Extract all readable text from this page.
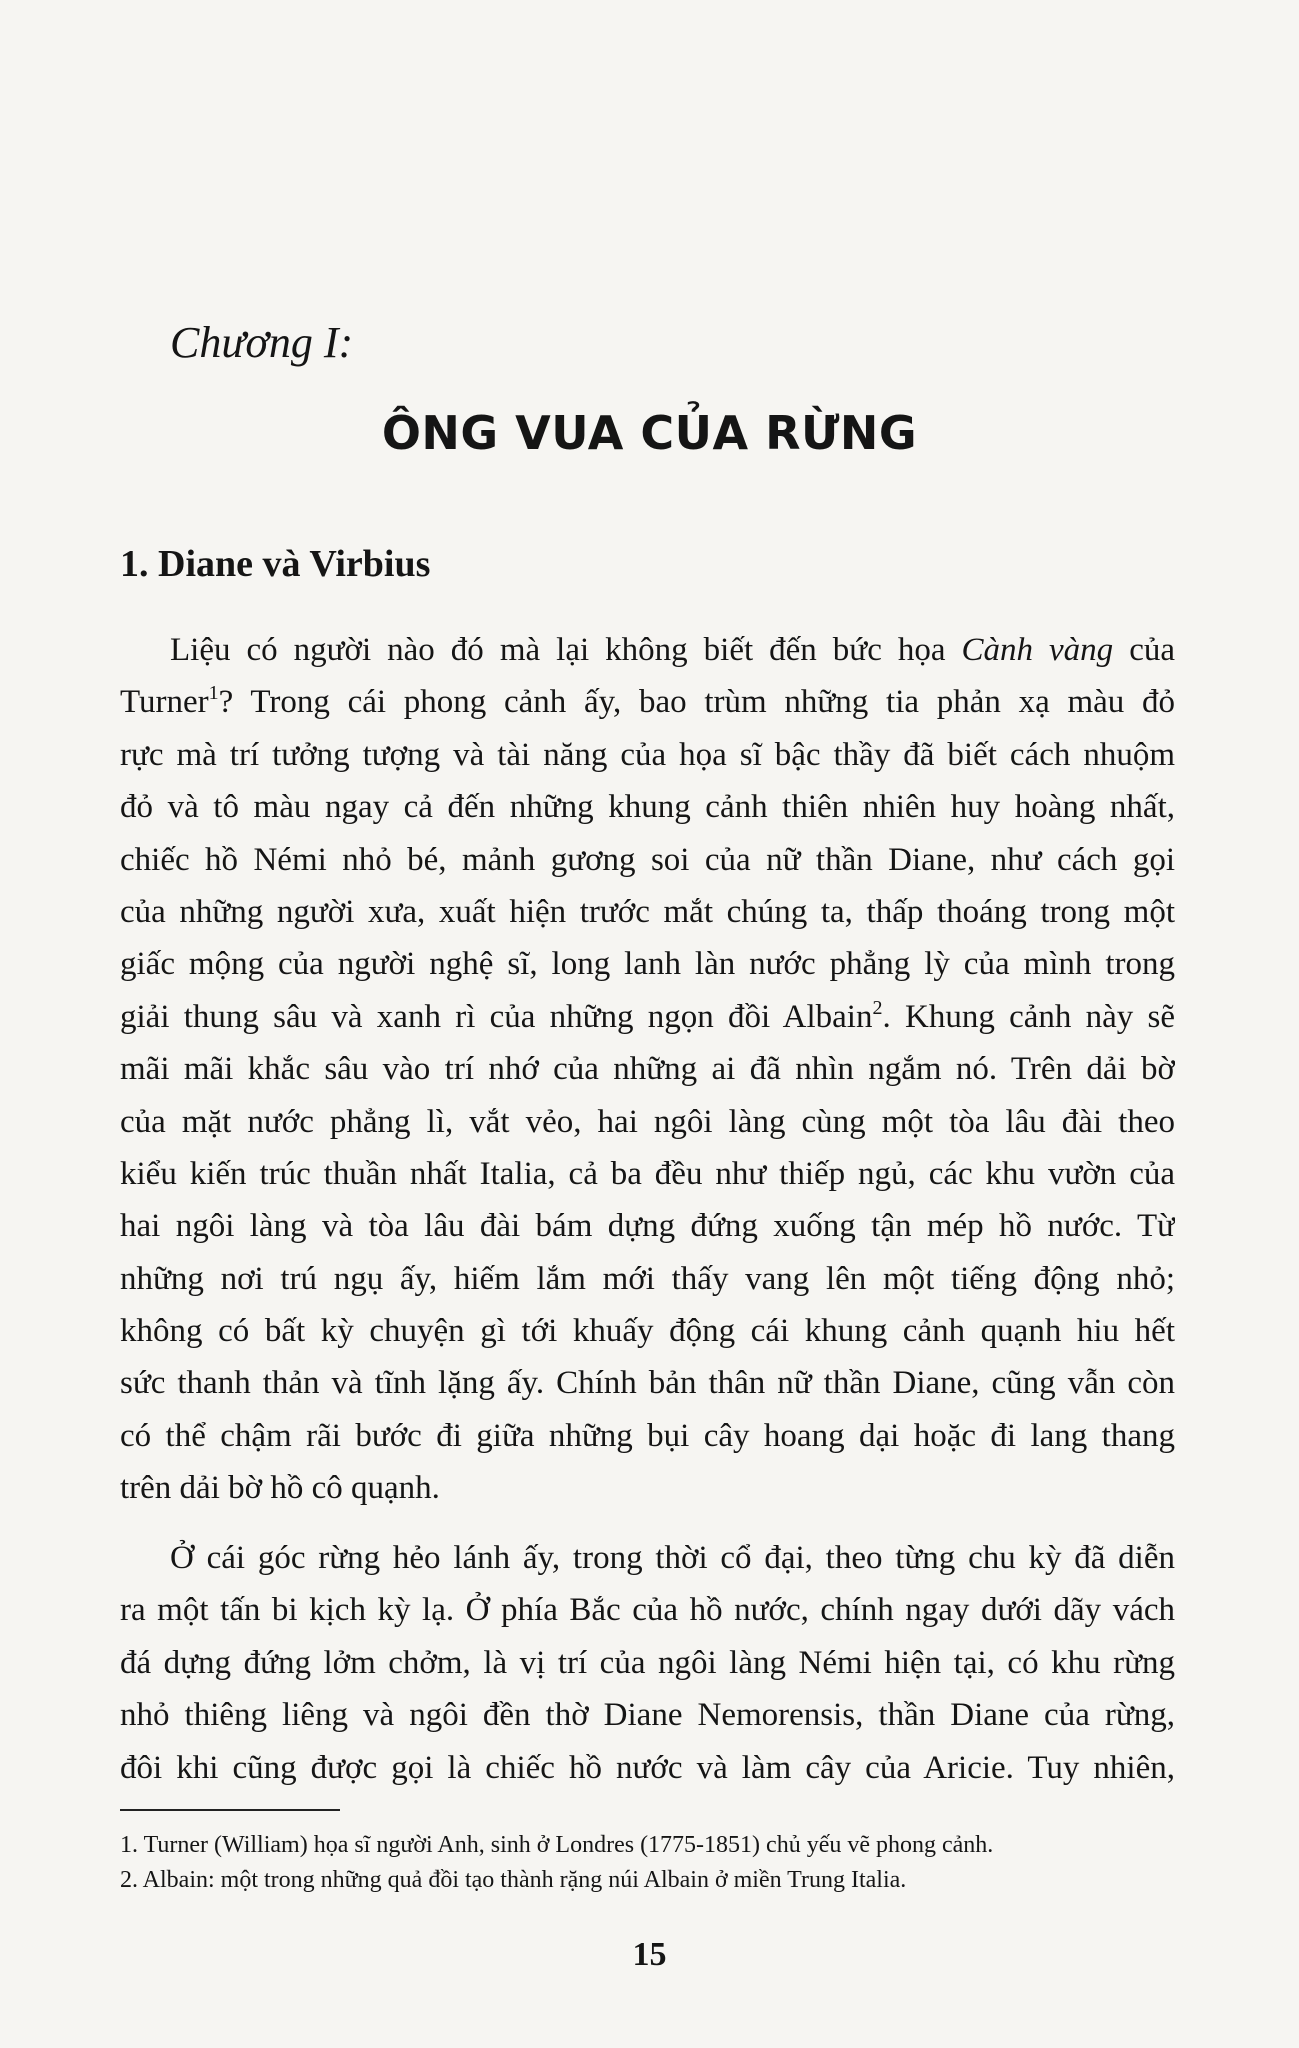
Chương I:
ÔNG VUA CỦA RỪNG
1. Diane và Virbius
Liệu có người nào đó mà lại không biết đến bức họa Cành vàng của
Turner$^1$? Trong cái phong cảnh ấy, bao trùm những tia phản xạ màu đỏ
rực mà trí tưởng tượng và tài năng của họa sĩ bậc thầy đã biết cách nhuộm
đỏ và tô màu ngay cả đến những khung cảnh thiên nhiên huy hoàng nhất,
chiếc hồ Némi nhỏ bé, mảnh gương soi của nữ thần Diane, như cách gọi
của những người xưa, xuất hiện trước mắt chúng ta, thấp thoáng trong một
giấc mộng của người nghệ sĩ, long lanh làn nước phẳng lỳ của mình trong
giải thung sâu và xanh rì của những ngọn đồi Albain$^2$. Khung cảnh này sẽ
mãi mãi khắc sâu vào trí nhớ của những ai đã nhìn ngắm nó. Trên dải bờ
của mặt nước phẳng lì, vắt vẻo, hai ngôi làng cùng một tòa lâu đài theo
kiểu kiến trúc thuần nhất Italia, cả ba đều như thiếp ngủ, các khu vườn của
hai ngôi làng và tòa lâu đài bám dựng đứng xuống tận mép hồ nước. Từ
những nơi trú ngụ ấy, hiếm lắm mới thấy vang lên một tiếng động nhỏ;
không có bất kỳ chuyện gì tới khuấy động cái khung cảnh quạnh hiu hết
sức thanh thản và tĩnh lặng ấy. Chính bản thân nữ thần Diane, cũng vẫn còn
có thể chậm rãi bước đi giữa những bụi cây hoang dại hoặc đi lang thang
trên dải bờ hồ cô quạnh.
Ở cái góc rừng hẻo lánh ấy, trong thời cổ đại, theo từng chu kỳ đã diễn
ra một tấn bi kịch kỳ lạ. Ở phía Bắc của hồ nước, chính ngay dưới dãy vách
đá dựng đứng lởm chởm, là vị trí của ngôi làng Némi hiện tại, có khu rừng
nhỏ thiêng liêng và ngôi đền thờ Diane Nemorensis, thần Diane của rừng,
đôi khi cũng được gọi là chiếc hồ nước và làm cây của Aricie. Tuy nhiên,
1. Turner (William) họa sĩ người Anh, sinh ở Londres (1775-1851) chủ yếu vẽ phong cảnh.
2. Albain: một trong những quả đồi tạo thành rặng núi Albain ở miền Trung Italia.
15
